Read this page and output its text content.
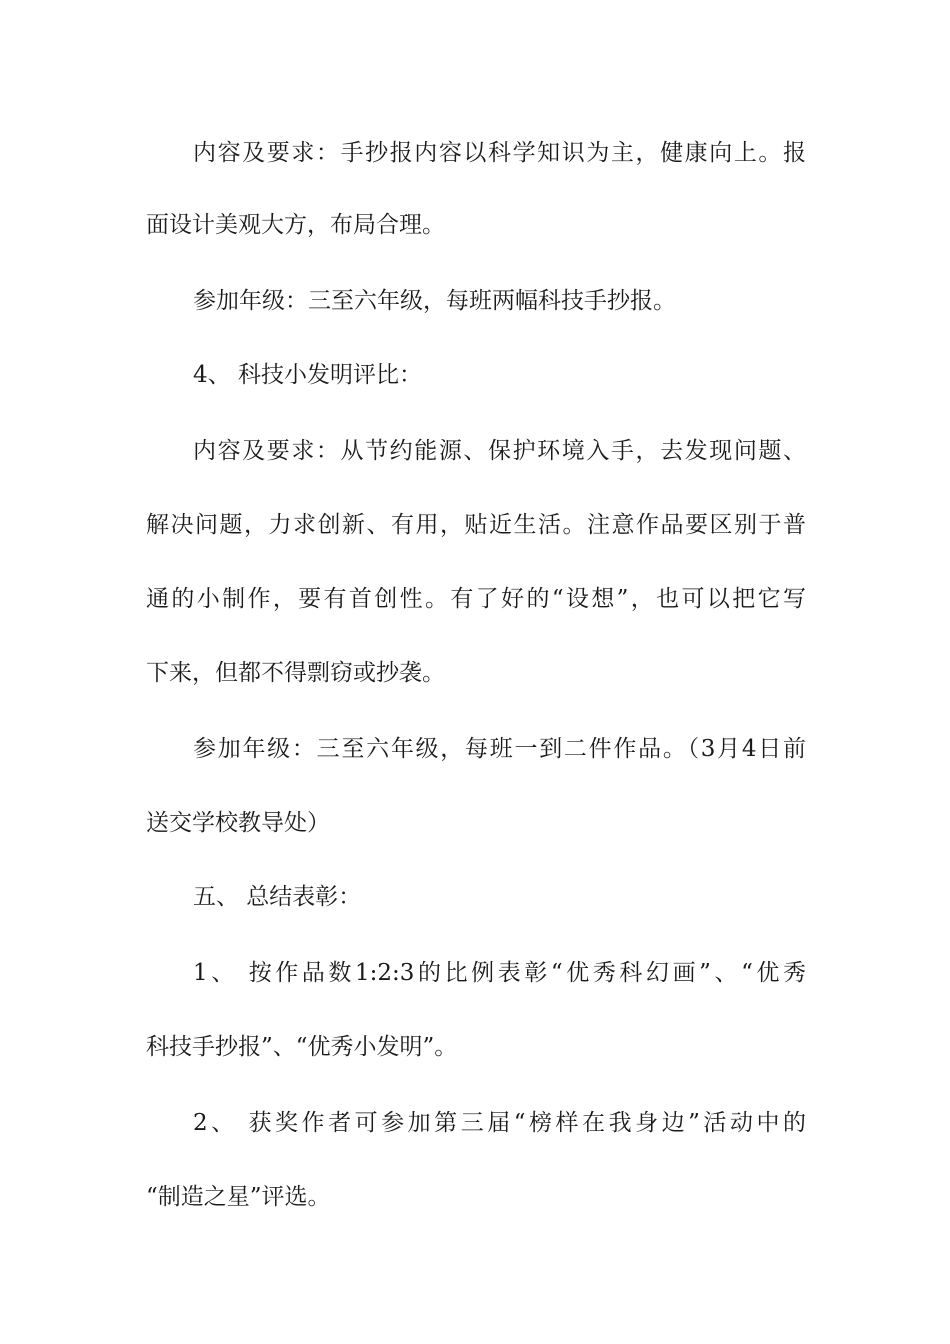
内容及要求：手抄报内容以科学知识为主，健康向上。报
面设计美观大方，布局合理。
参加年级：三至六年级，每班两幅科技手抄报。
4、 科技小发明评比：
内容及要求：从节约能源、保护环境入手，去发现问题、
解决问题，力求创新、有用，贴近生活。注意作品要区别于普
通的小制作，要有首创性。有了好的“设想”，也可以把它写
下来，但都不得剽窃或抄袭。
参加年级：三至六年级，每班一到二件作品。（3月4日前
送交学校教导处）
五、 总结表彰：
1、 按作品数1:2:3的比例表彰“优秀科幻画”、“优秀
科技手抄报”、“优秀小发明”。
2、 获奖作者可参加第三届“榜样在我身边”活动中的
“制造之星”评选。
